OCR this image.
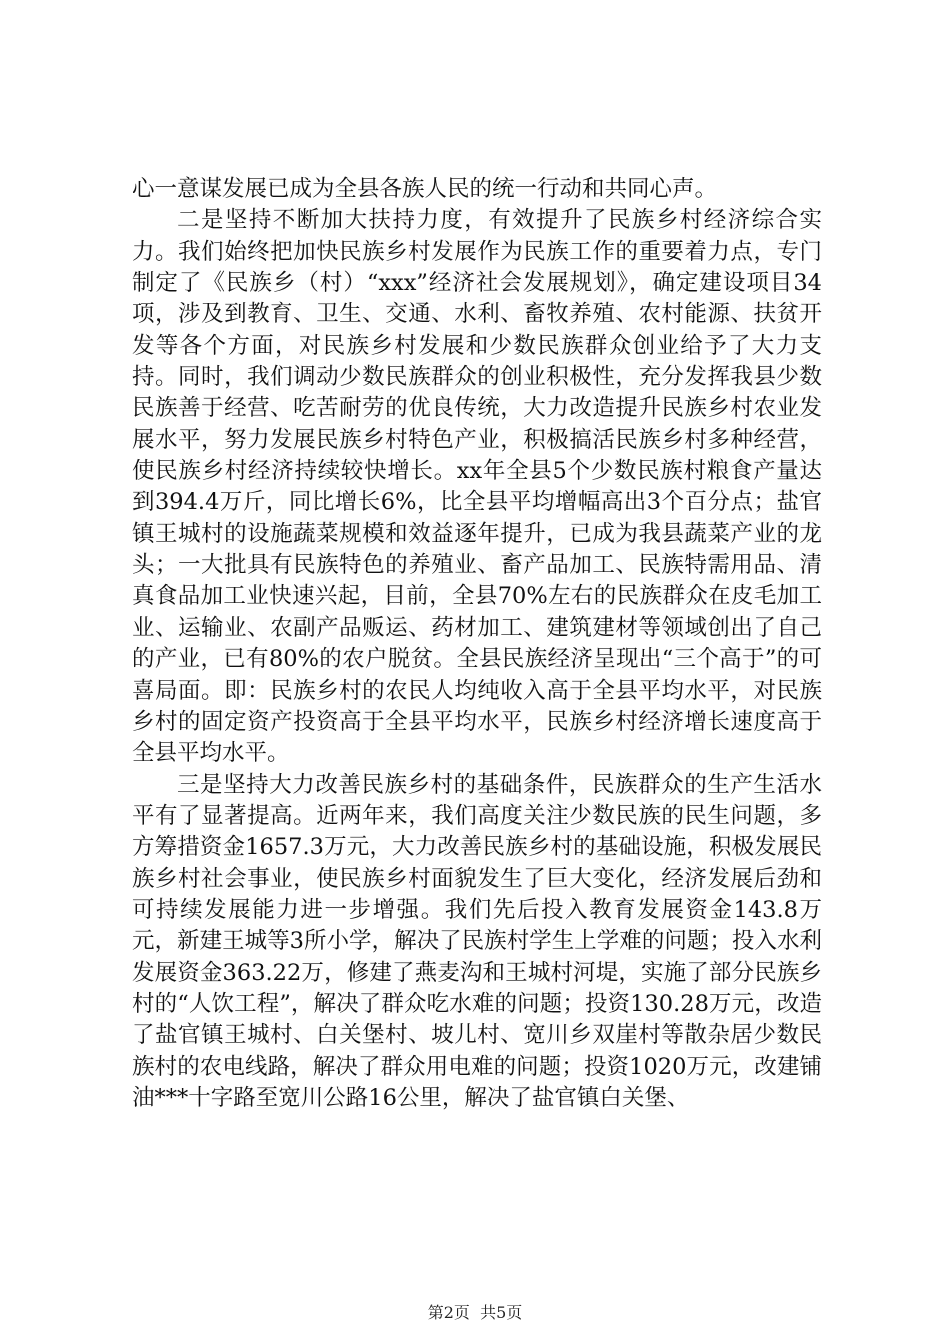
心一意谋发展已成为全县各族人民的统一行动和共同心声。

二是坚持不断加大扶持力度，有效提升了民族乡村经济综合实力。我们始终把加快民族乡村发展作为民族工作的重要着力点，专门制定了《民族乡（村）“xxx”经济社会发展规划》，确定建设项目34项，涉及到教育、卫生、交通、水利、畜牧养殖、农村能源、扶贫开发等各个方面，对民族乡村发展和少数民族群众创业给予了大力支持。同时，我们调动少数民族群众的创业积极性，充分发挥我县少数民族善于经营、吃苦耐劳的优良传统，大力改造提升民族乡村农业发展水平，努力发展民族乡村特色产业，积极搞活民族乡村多种经营，使民族乡村经济持续较快增长。xx年全县5个少数民族村粮食产量达到394.4万斤，同比增长6%，比全县平均增幅高出3个百分点；盐官镇王城村的设施蔬菜规模和效益逐年提升，已成为我县蔬菜产业的龙头；一大批具有民族特色的养殖业、畜产品加工、民族特需用品、清真食品加工业快速兴起，目前，全县70%左右的民族群众在皮毛加工业、运输业、农副产品贩运、药材加工、建筑建材等领域创出了自己的产业，已有80%的农户脱贫。全县民族经济呈现出“三个高于”的可喜局面。即：民族乡村的农民人均纯收入高于全县平均水平，对民族乡村的固定资产投资高于全县平均水平，民族乡村经济增长速度高于全县平均水平。

三是坚持大力改善民族乡村的基础条件，民族群众的生产生活水平有了显著提高。近两年来，我们高度关注少数民族的民生问题，多方筹措资金1657.3万元，大力改善民族乡村的基础设施，积极发展民族乡村社会事业，使民族乡村面貌发生了巨大变化，经济发展后劲和可持续发展能力进一步增强。我们先后投入教育发展资金143.8万元，新建王城等3所小学，解决了民族村学生上学难的问题；投入水利发展资金363.22万，修建了燕麦沟和王城村河堤，实施了部分民族乡村的“人饮工程”，解决了群众吃水难的问题；投资130.28万元，改造了盐官镇王城村、白关堡村、坡儿村、宽川乡双崖村等散杂居少数民族村的农电线路，解决了群众用电难的问题；投资1020万元，改建铺油***十字路至宽川公路16公里，解决了盐官镇白关堡、

第2页  共5页
